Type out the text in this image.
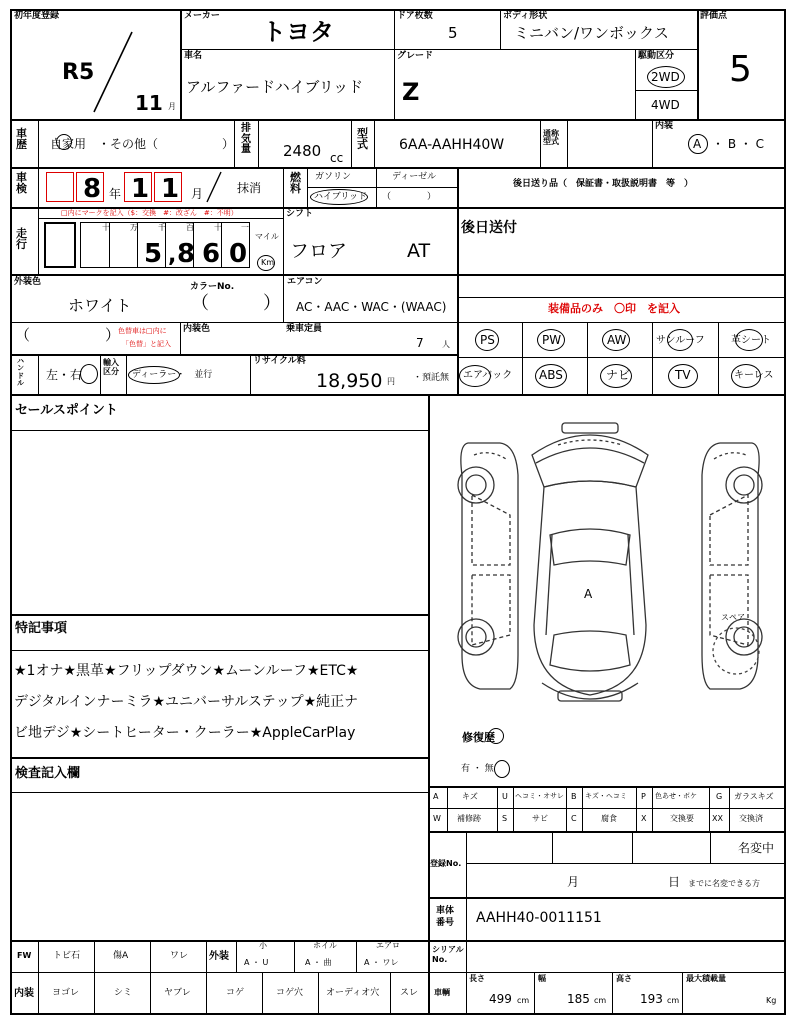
初年度登録
R5
11 月
メーカー
トヨタ
ドア枚数
5
ボディ形状
ミニバン/ワンボックス
評価点
5
車名
アルファードハイブリッド
グレード
Z
駆動区分
2WD
4WD
車歴 自家用　・その他（	）
排気量 2480 cc
型式 6AA-AAHH40W
通称型式
内装
A ・ B ・ C
車検 8 年 1 1 月	抹消
燃料
ガソリン	ディーゼル
ハイブリッド （　　　　）
後日送り品（　保証書・取扱説明書　等　）
走行
□内にマークを記入（$：交換　#：改ざん　#：不明）
十	万	千	百	十 一
5 , 8 6 0
マイル
Km
シフト
フロア	AT
後日送付
外装色
ホワイト
カラーNo.
（　　　）
エアコン
AC・AAC・WAC・(WAAC)	装備品のみ　〇印　を記入
（　　　　　）
色替車は□内に
「色替」と記入
内装色	乗車定員
7 人	PS	PW	AW	サンルーフ	革シート
エアバック ABS	ナビ	TV	キーレス
ハンドル
左・右
輸入区分	ディーラー・　並行
リサイクル料
18,950 円 ・預託無
セールスポイント
特記事項
★1オナ★黒革★フリップダウン★ムーンルーフ★ETC★
デジタルインナーミラ★ユニバーサルステップ★純正ナ
ビ地デジ★シートヒーター・クーラー★AppleCarPlay
検査記入欄
A
スペア
修復歴
有 ・ 無
A	キズ	U ヘコミ・オサレ B キズ・ヘコミ P 色あせ・ボケ G ガラスキズ
W 補修跡	S	サビ	C	腐食	X	交換要 XX 交換済
登録No.
名変中
月	日 までに名変できる方
車体番号	AAHH40-0011151
FW トビ石	傷A	ワレ 外装
小
A ・ U
ホイル
A ・ 曲
エアロ
A ・ ワレ
内装 ヨゴレ	シミ	ヤブレ	コゲ	コゲ穴	オーディオ穴 スレ
シリアルNo.
車輌
長さ
499 cm
幅
185 cm
高さ
193 cm
最大積載量
Kg
